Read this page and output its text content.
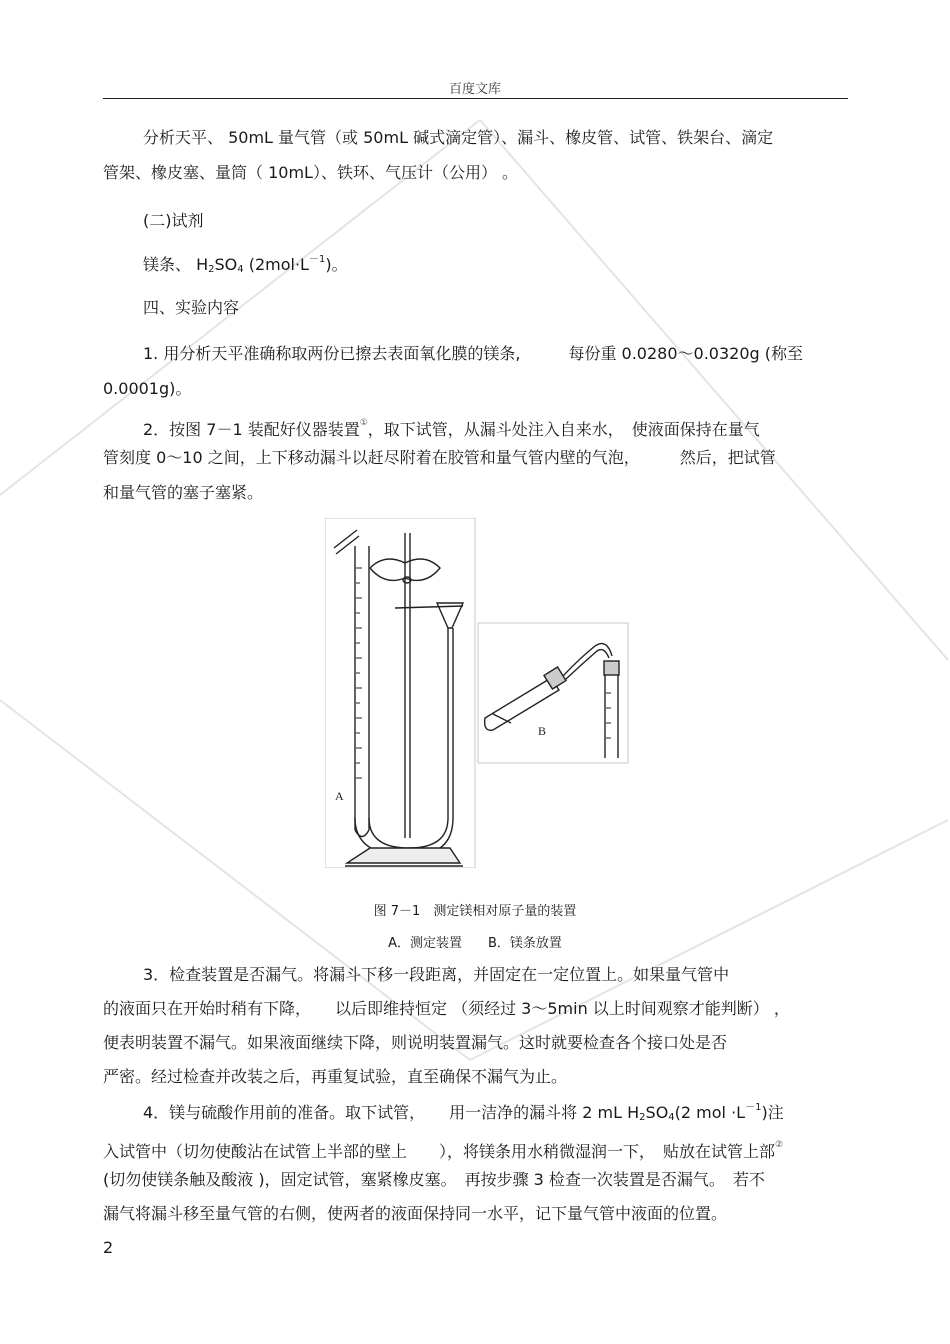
百度文库
分析天平、 50mL 量气管（或 50mL 碱式滴定管）、漏斗、橡皮管、试管、铁架台、滴定
管架、橡皮塞、量筒（ 10mL）、铁环、气压计（公用） 。
(二)试剂
镁条、 $H_2SO_4$ $(2mol\cdot L^{-1})$。
四、实验内容
1. 用分析天平准确称取两份已擦去表面氧化膜的镁条,　　　每份重 0.0280～0.0320g (称至
0.0001g)。
2．按图 7－1 装配好仪器装置①，取下试管，从漏斗处注入自来水，　使液面保持在量气
管刻度 0～10 之间，上下移动漏斗以赶尽附着在胶管和量气管内壁的气泡，　　　然后，把试管
和量气管的塞子塞紧。
A
B
图 7－1　测定镁相对原子量的装置
A．测定装置　　B．镁条放置
3．检查装置是否漏气。将漏斗下移一段距离，并固定在一定位置上。如果量气管中
的液面只在开始时稍有下降，　　以后即维持恒定 （须经过 3～5min 以上时间观察才能判断） ，
便表明装置不漏气。如果液面继续下降，则说明装置漏气。这时就要检查各个接口处是否
严密。经过检查并改装之后，再重复试验，直至确保不漏气为止。
4．镁与硫酸作用前的准备。取下试管，　　用一洁净的漏斗将 2 mL $H_2SO_4(2$ mol $\cdot L^{-1}$)注
入试管中（切勿使酸沾在试管上半部的壁上　　），将镁条用水稍微湿润一下，　贴放在试管上部②
(切勿使镁条触及酸液 )，固定试管，塞紧橡皮塞。　再按步骤 3 检查一次装置是否漏气。　若不
漏气将漏斗移至量气管的右侧，使两者的液面保持同一水平，记下量气管中液面的位置。
2
